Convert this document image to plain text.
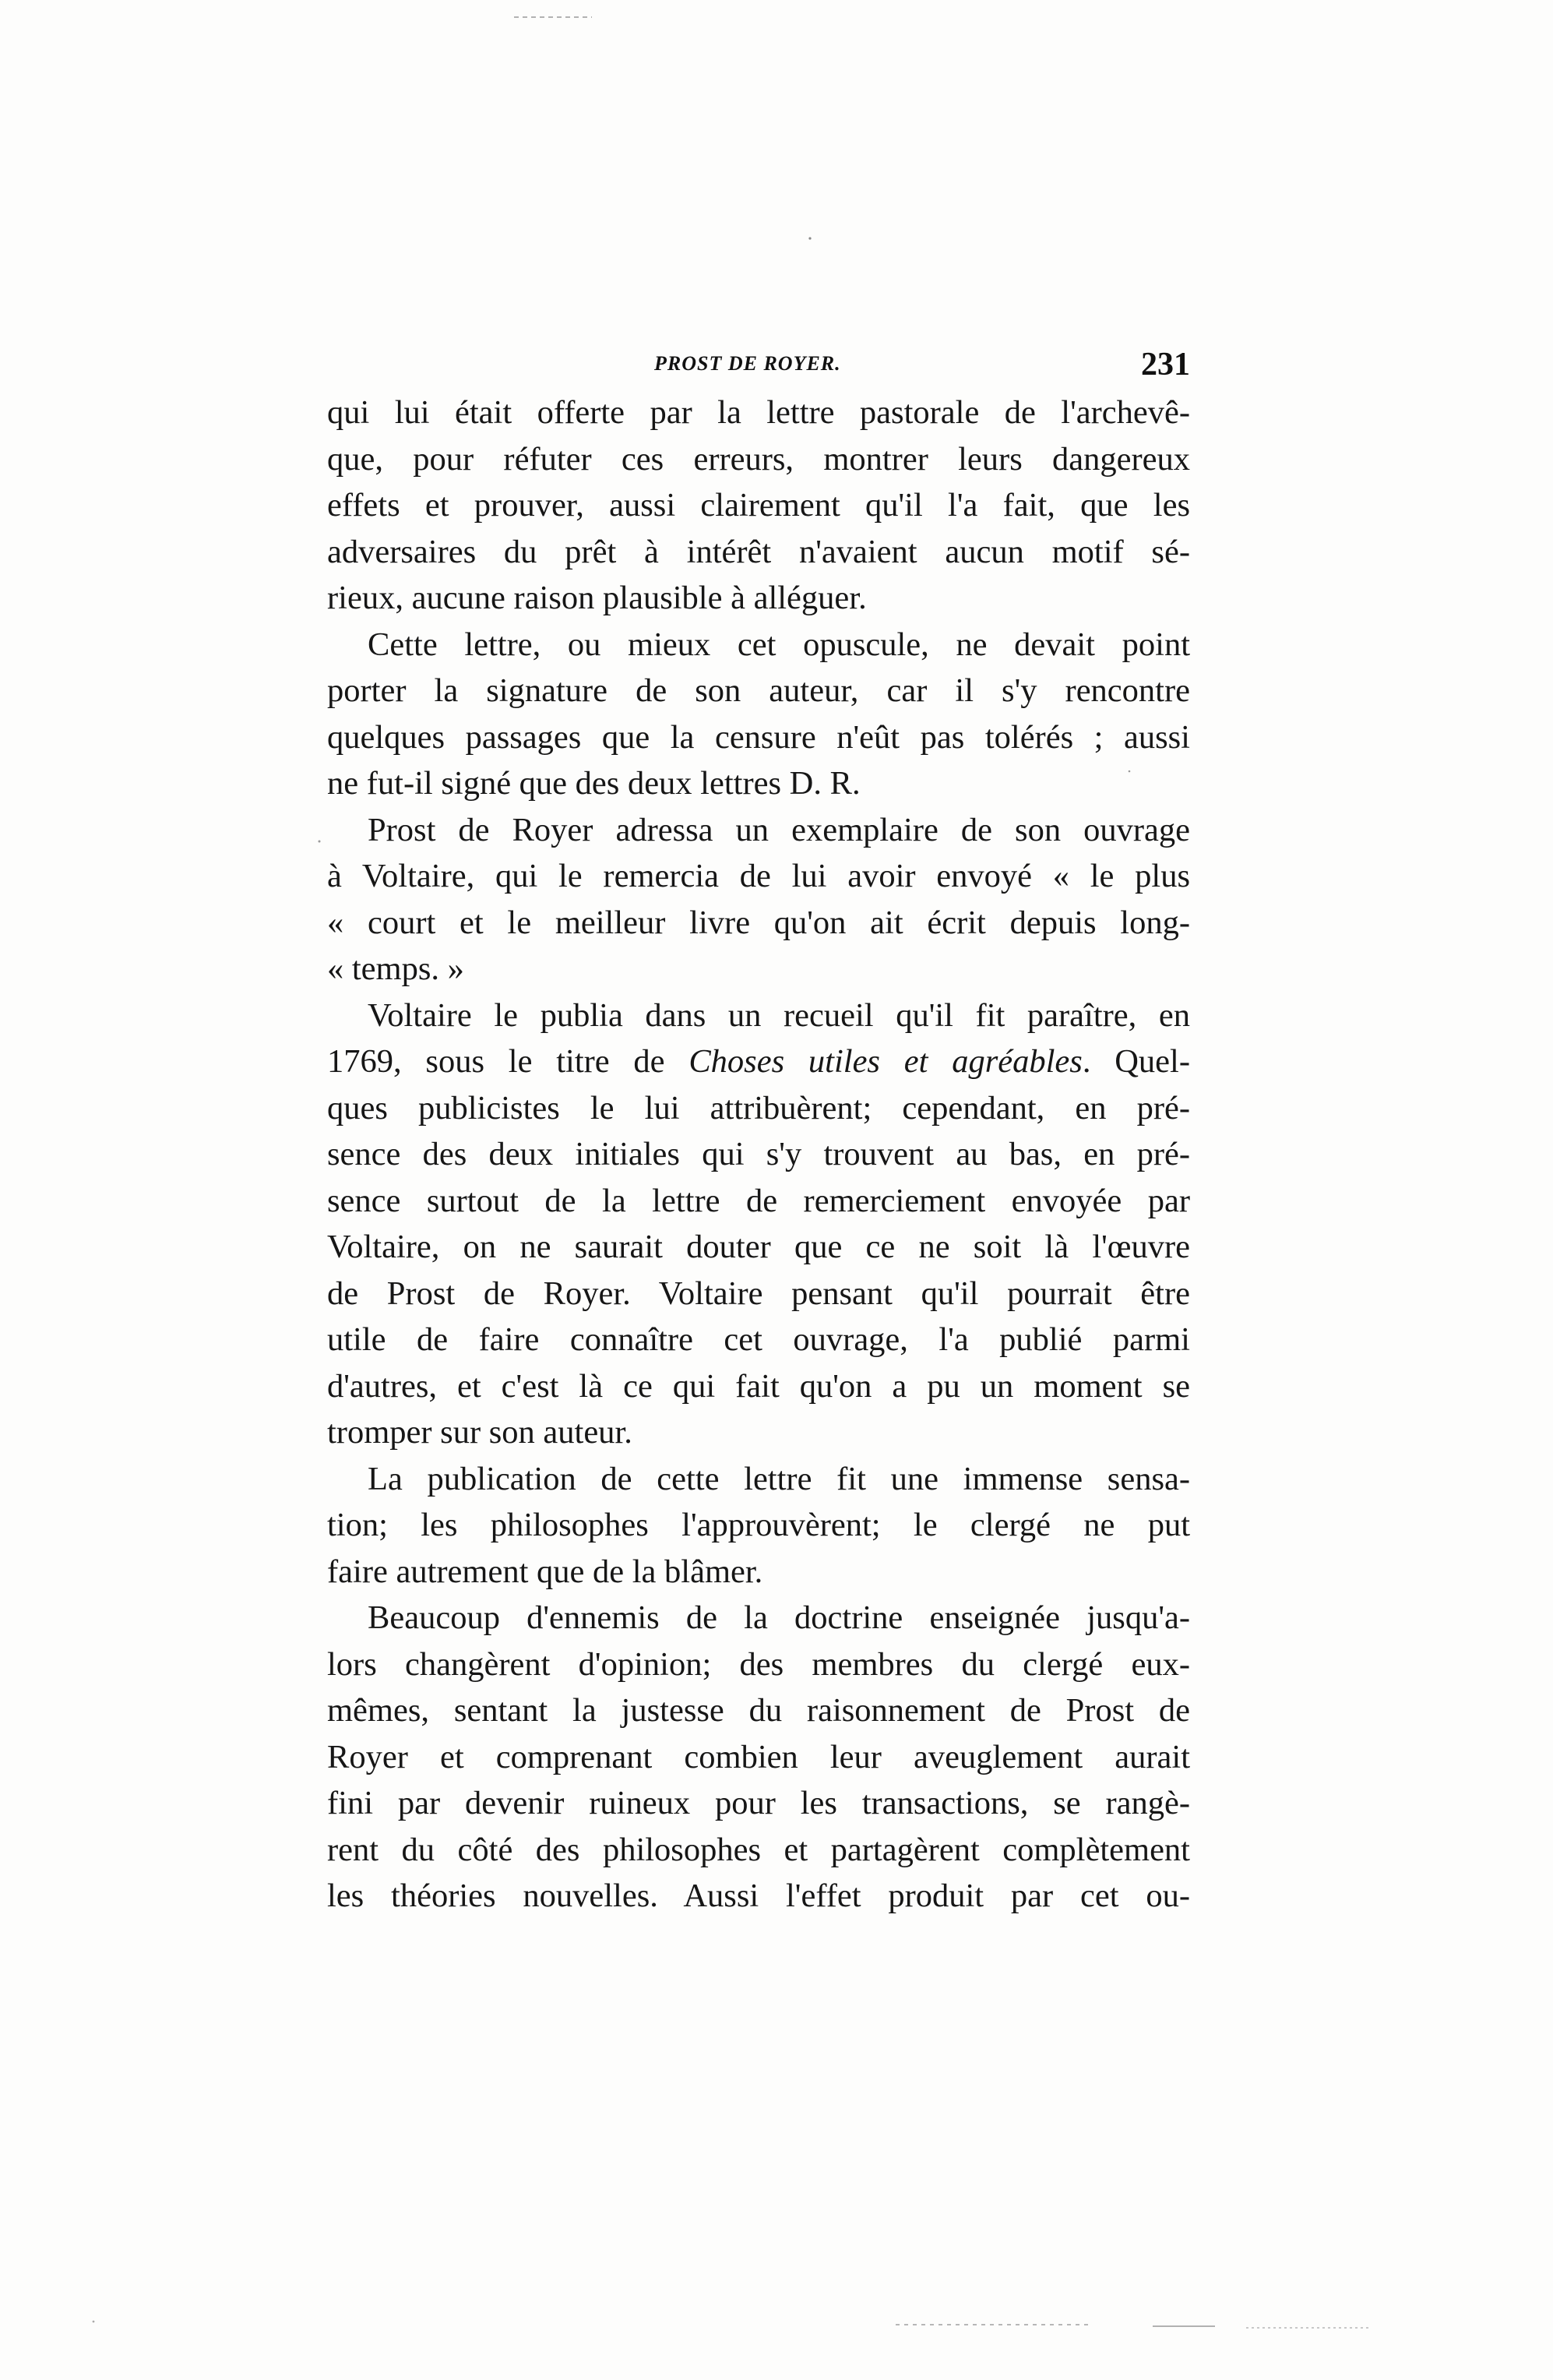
PROST DE ROYER.	231
qui lui était offerte par la lettre pastorale de l'archevê-
que, pour réfuter ces erreurs, montrer leurs dangereux
effets et prouver, aussi clairement qu'il l'a fait, que les
adversaires du prêt à intérêt n'avaient aucun motif sé-
rieux, aucune raison plausible à alléguer.
Cette lettre, ou mieux cet opuscule, ne devait point
porter la signature de son auteur, car il s'y rencontre
quelques passages que la censure n'eût pas tolérés ; aussi
ne fut-il signé que des deux lettres D. R.
Prost de Royer adressa un exemplaire de son ouvrage
à Voltaire, qui le remercia de lui avoir envoyé « le plus
« court et le meilleur livre qu'on ait écrit depuis long-
« temps. »
Voltaire le publia dans un recueil qu'il fit paraître, en
1769, sous le titre de Choses utiles et agréables. Quel-
ques publicistes le lui attribuèrent; cependant, en pré-
sence des deux initiales qui s'y trouvent au bas, en pré-
sence surtout de la lettre de remerciement envoyée par
Voltaire, on ne saurait douter que ce ne soit là l'œuvre
de Prost de Royer. Voltaire pensant qu'il pourrait être
utile de faire connaître cet ouvrage, l'a publié parmi
d'autres, et c'est là ce qui fait qu'on a pu un moment se
tromper sur son auteur.
La publication de cette lettre fit une immense sensa-
tion; les philosophes l'approuvèrent; le clergé ne put
faire autrement que de la blâmer.
Beaucoup d'ennemis de la doctrine enseignée jusqu'a-
lors changèrent d'opinion; des membres du clergé eux-
mêmes, sentant la justesse du raisonnement de Prost de
Royer et comprenant combien leur aveuglement aurait
fini par devenir ruineux pour les transactions, se rangè-
rent du côté des philosophes et partagèrent complètement
les théories nouvelles. Aussi l'effet produit par cet ou-
